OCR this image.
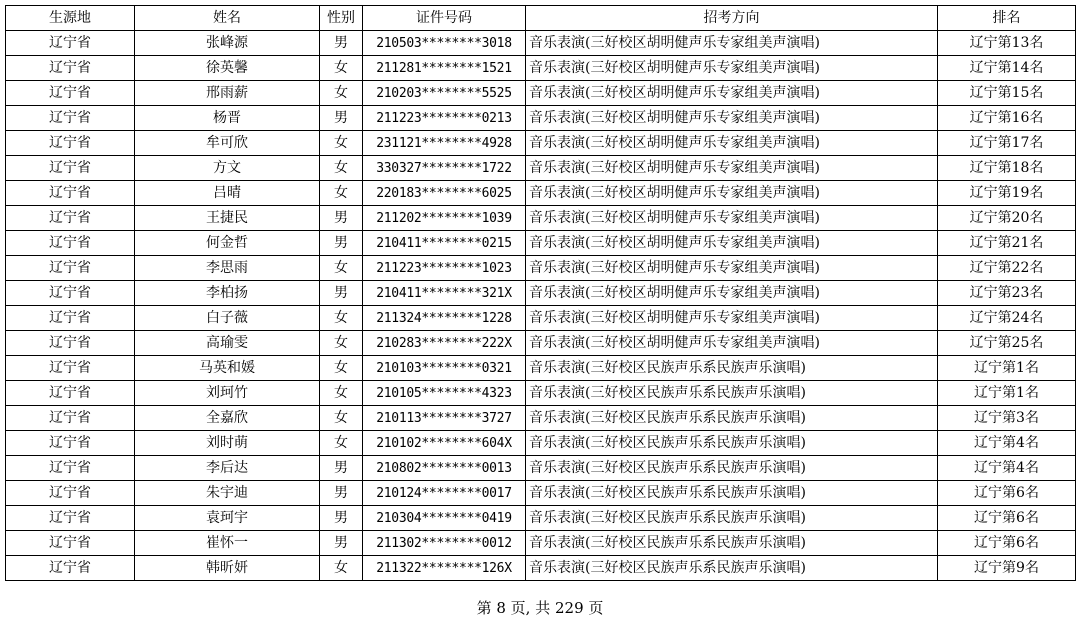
生源地	姓名	性别	证件号码	招考方向	排名
辽宁省	张峰源	男	210503********3018	音乐表演(三好校区胡明健声乐专家组美声演唱)	辽宁第13名
辽宁省	徐英馨	女	211281********1521	音乐表演(三好校区胡明健声乐专家组美声演唱)	辽宁第14名
辽宁省	邢雨薪	女	210203********5525	音乐表演(三好校区胡明健声乐专家组美声演唱)	辽宁第15名
辽宁省	杨晋	男	211223********0213	音乐表演(三好校区胡明健声乐专家组美声演唱)	辽宁第16名
辽宁省	牟可欣	女	231121********4928	音乐表演(三好校区胡明健声乐专家组美声演唱)	辽宁第17名
辽宁省	方文	女	330327********1722	音乐表演(三好校区胡明健声乐专家组美声演唱)	辽宁第18名
辽宁省	吕晴	女	220183********6025	音乐表演(三好校区胡明健声乐专家组美声演唱)	辽宁第19名
辽宁省	王捷民	男	211202********1039	音乐表演(三好校区胡明健声乐专家组美声演唱)	辽宁第20名
辽宁省	何金哲	男	210411********0215	音乐表演(三好校区胡明健声乐专家组美声演唱)	辽宁第21名
辽宁省	李思雨	女	211223********1023	音乐表演(三好校区胡明健声乐专家组美声演唱)	辽宁第22名
辽宁省	李柏扬	男	210411********321X	音乐表演(三好校区胡明健声乐专家组美声演唱)	辽宁第23名
辽宁省	白子薇	女	211324********1228	音乐表演(三好校区胡明健声乐专家组美声演唱)	辽宁第24名
辽宁省	高瑜雯	女	210283********222X	音乐表演(三好校区胡明健声乐专家组美声演唱)	辽宁第25名
辽宁省	马英和媛	女	210103********0321	音乐表演(三好校区民族声乐系民族声乐演唱)	辽宁第1名
辽宁省	刘珂竹	女	210105********4323	音乐表演(三好校区民族声乐系民族声乐演唱)	辽宁第1名
辽宁省	全嘉欣	女	210113********3727	音乐表演(三好校区民族声乐系民族声乐演唱)	辽宁第3名
辽宁省	刘时萌	女	210102********604X	音乐表演(三好校区民族声乐系民族声乐演唱)	辽宁第4名
辽宁省	李后达	男	210802********0013	音乐表演(三好校区民族声乐系民族声乐演唱)	辽宁第4名
辽宁省	朱宇迪	男	210124********0017	音乐表演(三好校区民族声乐系民族声乐演唱)	辽宁第6名
辽宁省	袁珂宇	男	210304********0419	音乐表演(三好校区民族声乐系民族声乐演唱)	辽宁第6名
辽宁省	崔怀一	男	211302********0012	音乐表演(三好校区民族声乐系民族声乐演唱)	辽宁第6名
辽宁省	韩昕妍	女	211322********126X	音乐表演(三好校区民族声乐系民族声乐演唱)	辽宁第9名
第 8 页, 共 229 页
